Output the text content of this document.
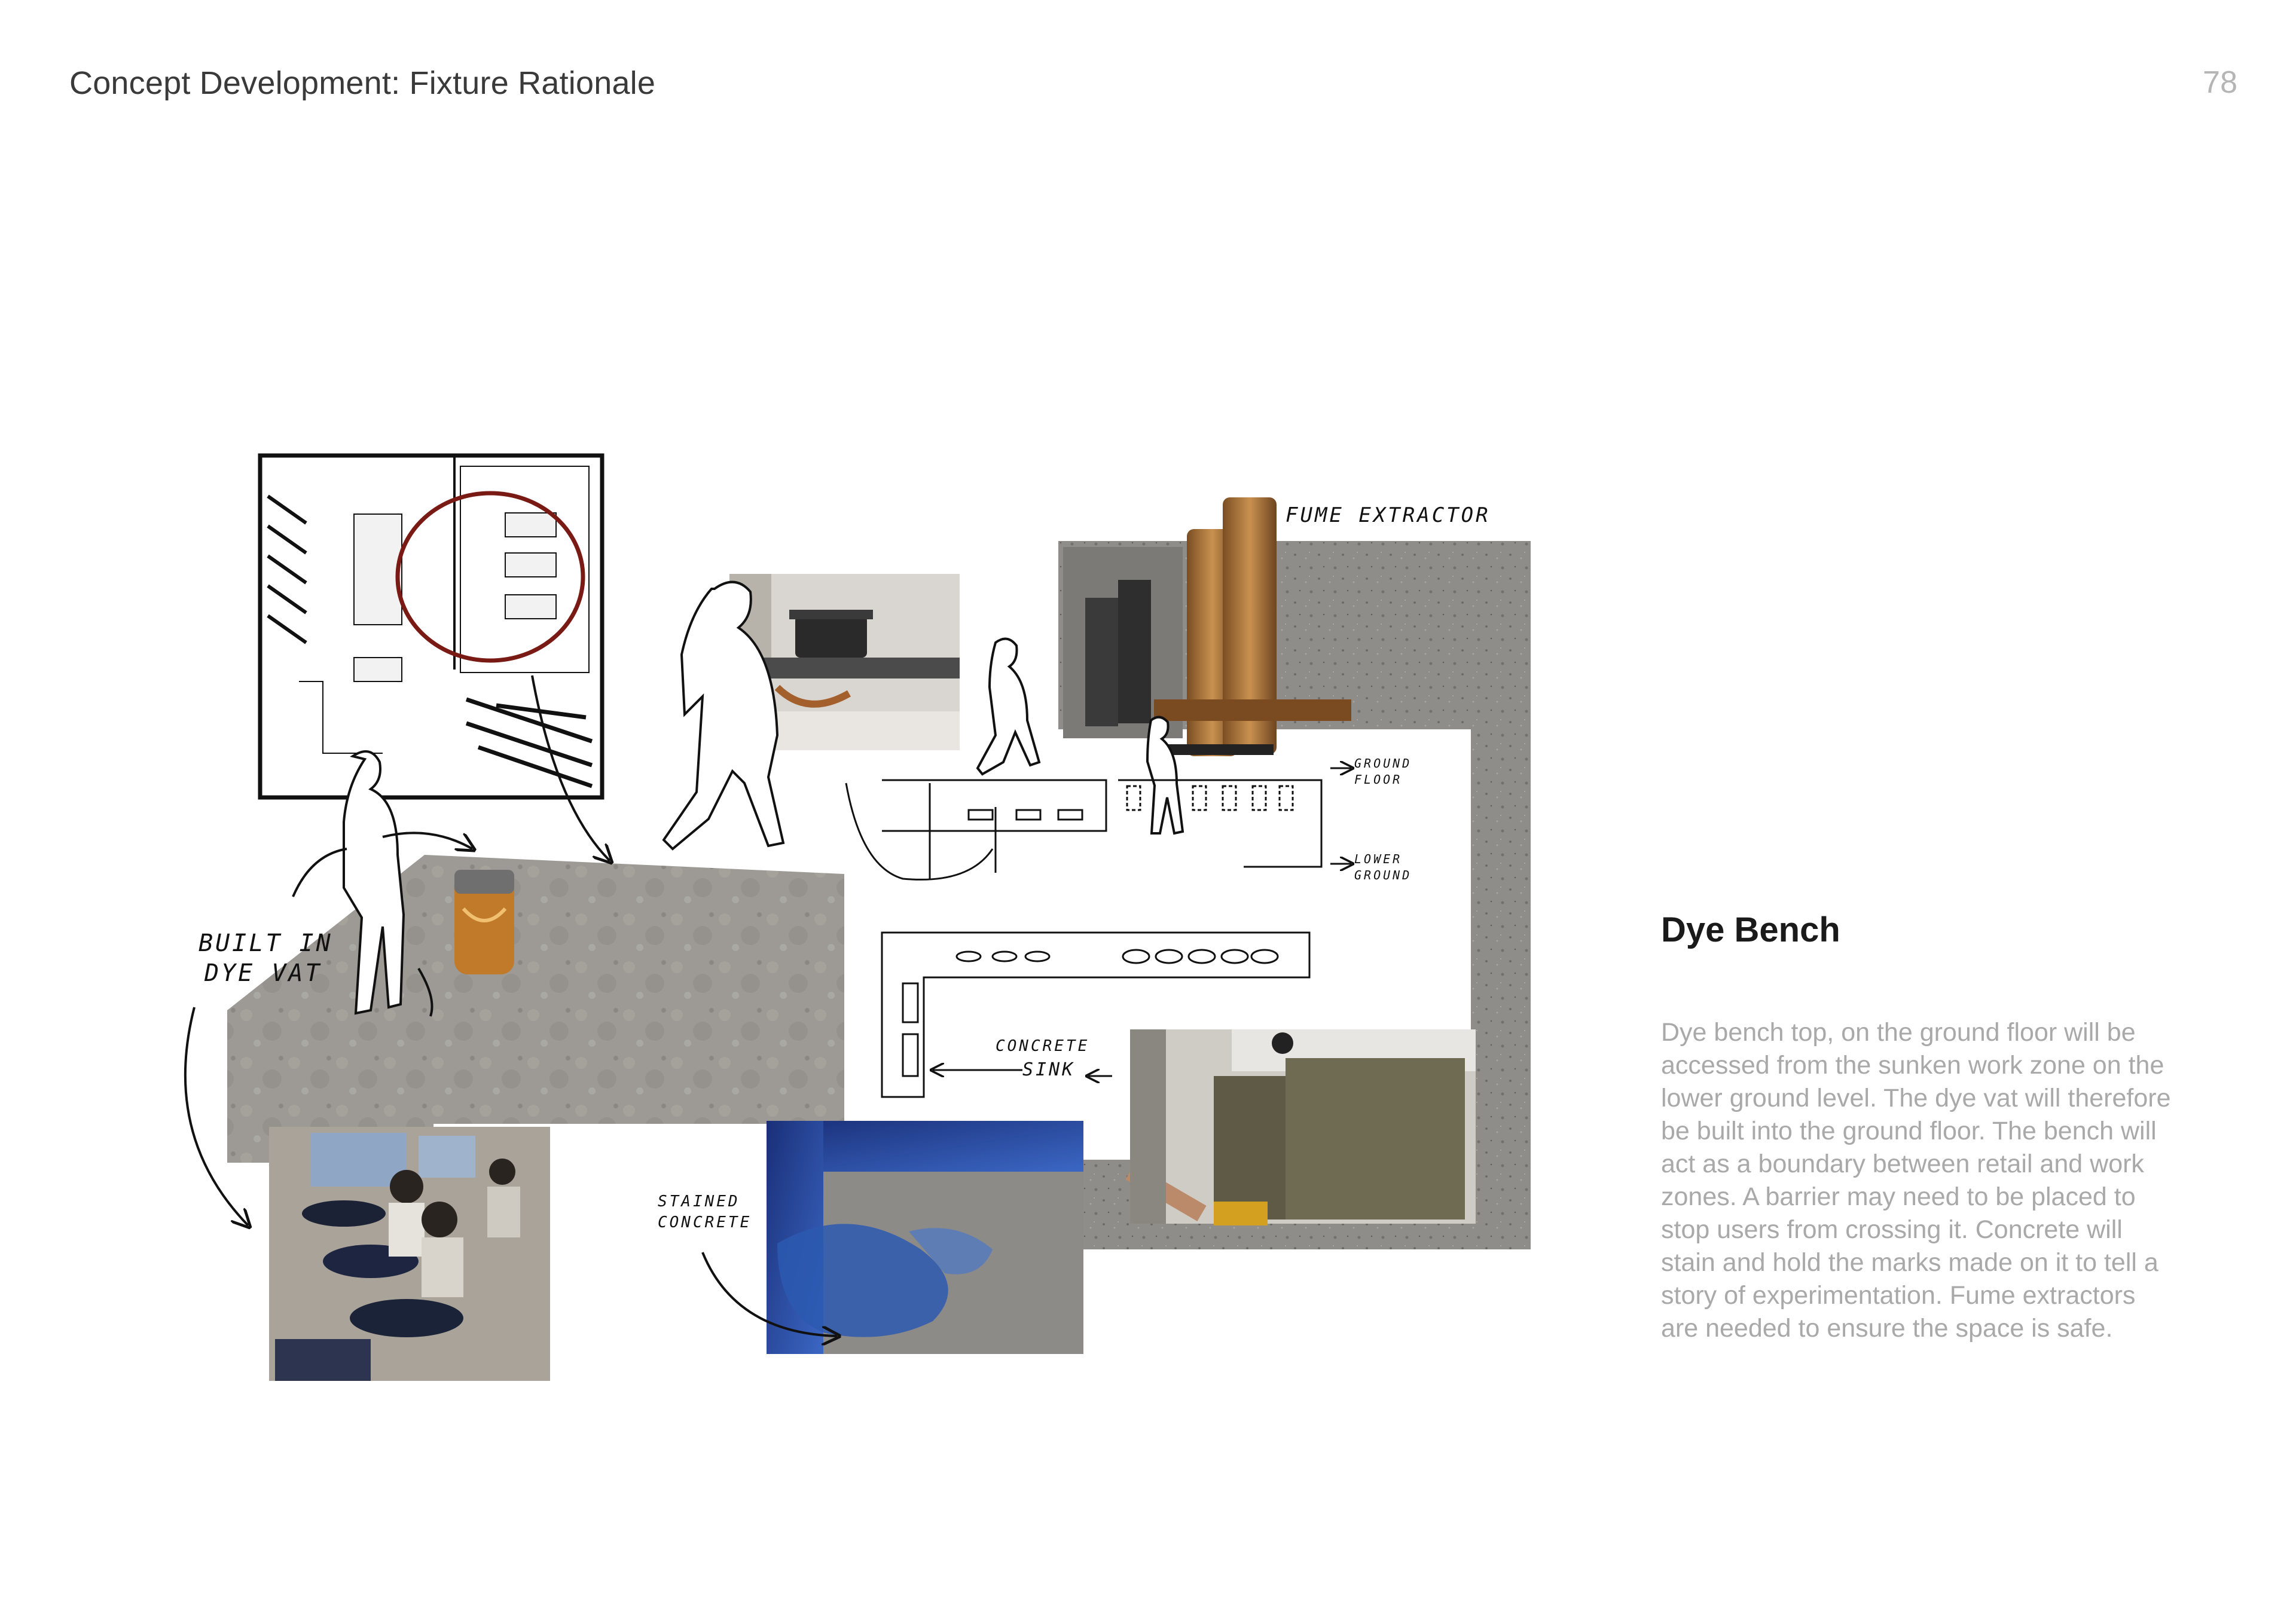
Concept Development: Fixture Rationale	78
Dye Bench
Dye bench top, on the ground floor will be accessed from the sunken work zone on the lower ground level. The dye vat will therefore be built into the ground floor. The bench will act as a boundary between retail and work zones. A barrier may need to be placed to stop users from crossing it. Concrete will stain and hold the marks made on it to tell a story of experimentation. Fume extractors are needed to ensure the space is safe.
BUILT IN
DYE VAT
FUME EXTRACTOR
GROUND
FLOOR
LOWER
GROUND
CONCRETE
SINK
STAINED
CONCRETE
